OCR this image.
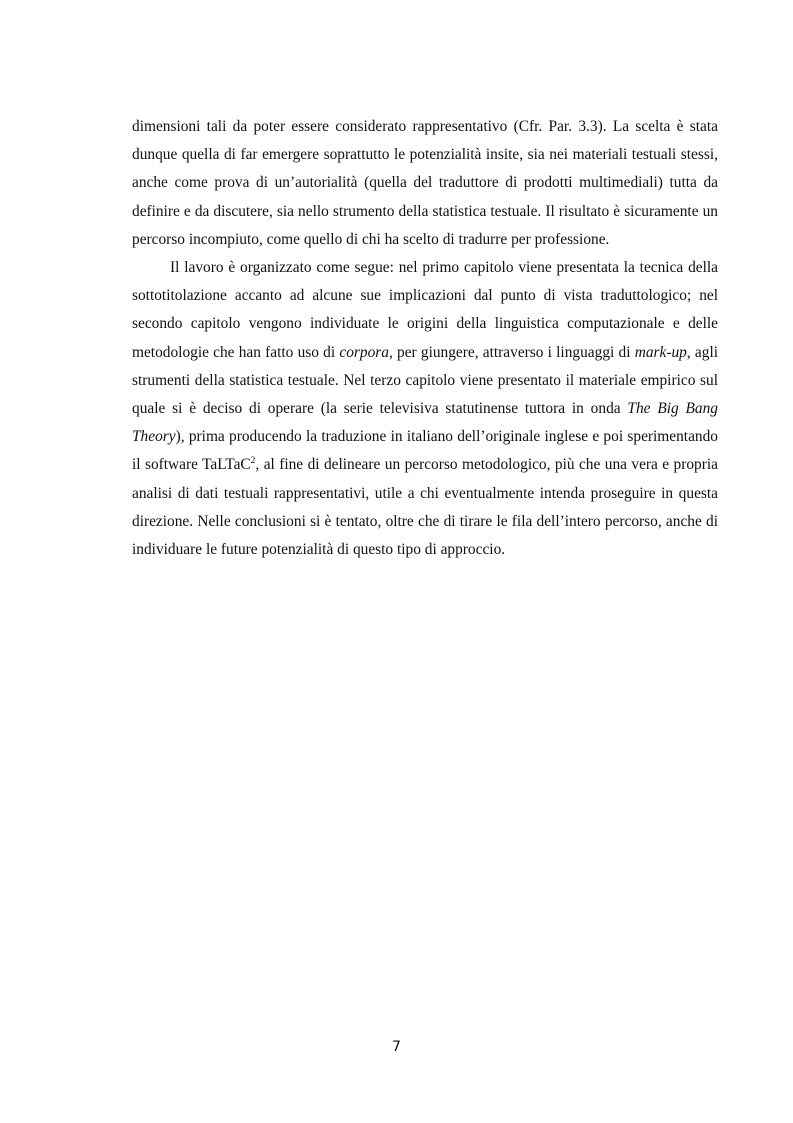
dimensioni tali da poter essere considerato rappresentativo (Cfr. Par. 3.3). La scelta è stata dunque quella di far emergere soprattutto le potenzialità insite, sia nei materiali testuali stessi, anche come prova di un’autorialità (quella del traduttore di prodotti multimediali) tutta da definire e da discutere, sia nello strumento della statistica testuale. Il risultato è sicuramente un percorso incompiuto, come quello di chi ha scelto di tradurre per professione.

Il lavoro è organizzato come segue: nel primo capitolo viene presentata la tecnica della sottotitolazione accanto ad alcune sue implicazioni dal punto di vista traduttologico; nel secondo capitolo vengono individuate le origini della linguistica computazionale e delle metodologie che han fatto uso di corpora, per giungere, attraverso i linguaggi di mark-up, agli strumenti della statistica testuale. Nel terzo capitolo viene presentato il materiale empirico sul quale si è deciso di operare (la serie televisiva statutinense tuttora in onda The Big Bang Theory), prima producendo la traduzione in italiano dell’originale inglese e poi sperimentando il software TaLTaC$^2$, al fine di delineare un percorso metodologico, più che una vera e propria analisi di dati testuali rappresentativi, utile a chi eventualmente intenda proseguire in questa direzione. Nelle conclusioni si è tentato, oltre che di tirare le fila dell’intero percorso, anche di individuare le future potenzialità di questo tipo di approccio.

7
